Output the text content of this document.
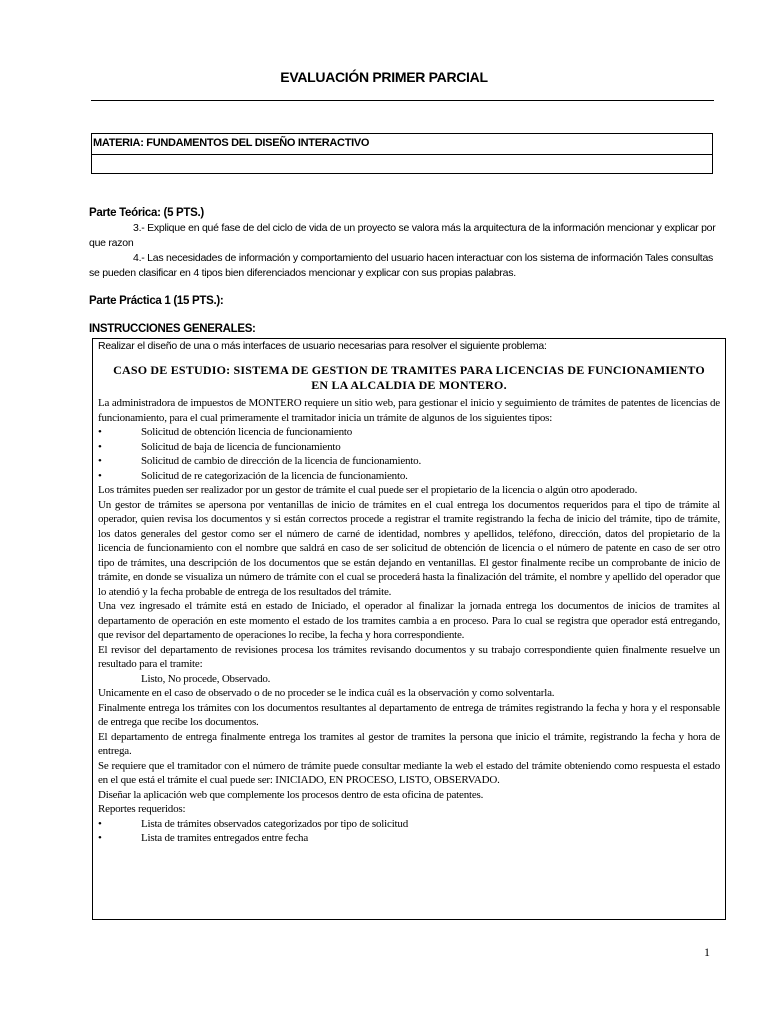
EVALUACIÓN PRIMER PARCIAL
MATERIA: FUNDAMENTOS DEL DISEÑO INTERACTIVO
Parte Teórica: (5 PTS.)

3.- Explique en qué fase de del ciclo de vida de un proyecto se valora más la arquitectura de la información mencionar y explicar por que razon

4.- Las necesidades de información y comportamiento del usuario hacen interactuar con los sistema de información Tales consultas se pueden clasificar en 4 tipos bien diferenciados mencionar y explicar con sus propias palabras.

Parte Práctica 1 (15 PTS.):
INSTRUCCIONES GENERALES:

Realizar el diseño de una o más interfaces de usuario necesarias para resolver el siguiente problema:

CASO DE ESTUDIO: SISTEMA DE GESTION DE TRAMITES PARA LICENCIAS DE FUNCIONAMIENTO EN LA ALCALDIA DE MONTERO.

La administradora de impuestos de MONTERO requiere un sitio web, para gestionar el inicio y seguimiento de trámites de patentes de licencias de funcionamiento, para el cual primeramente el tramitador inicia un trámite de algunos de los siguientes tipos:

• Solicitud de obtención licencia de funcionamiento
• Solicitud de baja de licencia de funcionamiento
• Solicitud de cambio de dirección de la licencia de funcionamiento.
• Solicitud de re categorización de la licencia de funcionamiento.

Los trámites pueden ser realizador por un gestor de trámite el cual puede ser el propietario de la licencia o algún otro apoderado.

Un gestor de trámites se apersona por ventanillas de inicio de trámites en el cual entrega los documentos requeridos para el tipo de trámite al operador, quien revisa los documentos y si están correctos procede a registrar el tramite registrando la fecha de inicio del trámite, tipo de trámite, los datos generales del gestor como ser el número de carné de identidad, nombres y apellidos, teléfono, dirección, datos del propietario de la licencia de funcionamiento con el nombre que saldrá en caso de ser solicitud de obtención de licencia o el número de patente en caso de ser otro tipo de trámites, una descripción de los documentos que se están dejando en ventanillas. El gestor finalmente recibe un comprobante de inicio de trámite, en donde se visualiza un número de trámite con el cual se procederá hasta la finalización del trámite, el nombre y apellido del operador que lo atendió y la fecha probable de entrega de los resultados del trámite.

Una vez ingresado el trámite está en estado de Iniciado, el operador al finalizar la jornada entrega los documentos de inicios de tramites al departamento de operación en este momento el estado de los tramites cambia a en proceso. Para lo cual se registra que operador está entregando, que revisor del departamento de operaciones lo recibe, la fecha y hora correspondiente.

El revisor del departamento de revisiones procesa los trámites revisando documentos y su trabajo correspondiente quien finalmente resuelve un resultado para el tramite:

Listo, No procede, Observado.

Unicamente en el caso de observado o de no proceder se le indica cuál es la observación y como solventarla.

Finalmente entrega los trámites con los documentos resultantes al departamento de entrega de trámites registrando la fecha y hora y el responsable de entrega que recibe los documentos.

El departamento de entrega finalmente entrega los tramites al gestor de tramites la persona que inicio el trámite, registrando la fecha y hora de entrega.

Se requiere que el tramitador con el número de trámite puede consultar mediante la web el estado del trámite obteniendo como respuesta el estado en el que está el trámite el cual puede ser: INICIADO, EN PROCESO, LISTO, OBSERVADO.

Diseñar la aplicación web que complemente los procesos dentro de esta oficina de patentes.

Reportes requeridos:

• Lista de trámites observados categorizados por tipo de solicitud
• Lista de tramites entregados entre fecha
1
